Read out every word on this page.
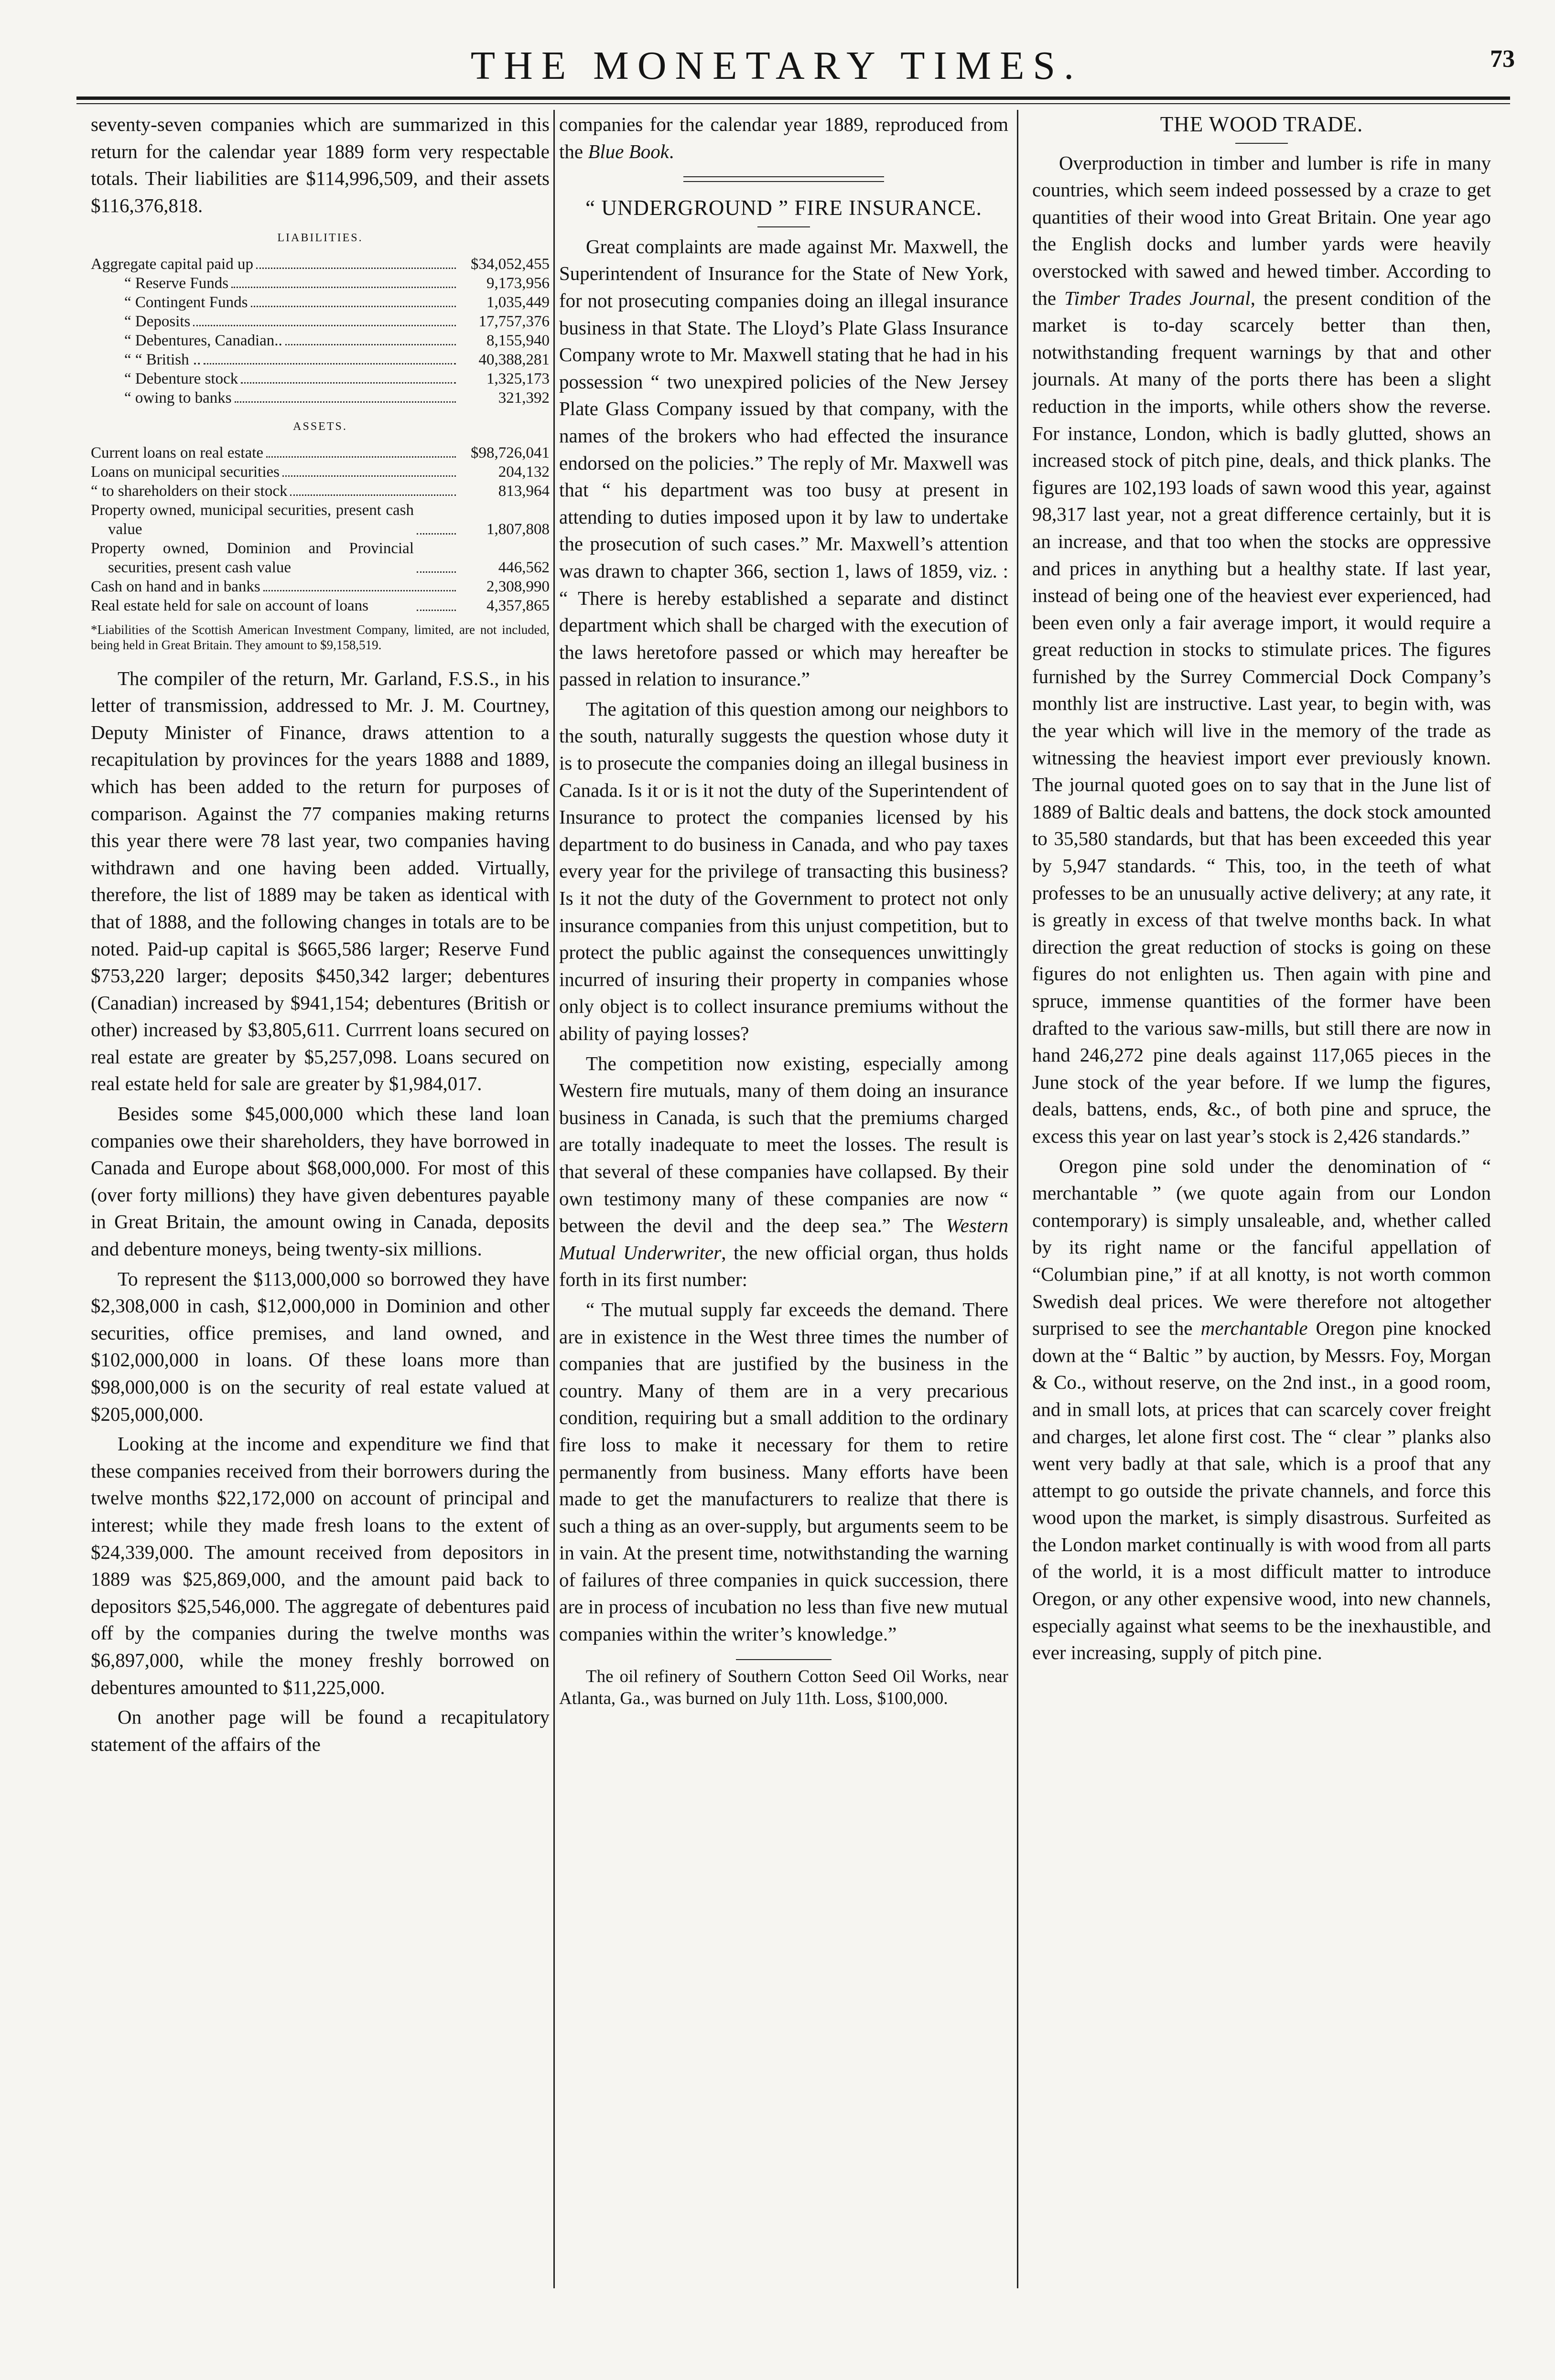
THE MONETARY TIMES.	73

seventy-seven companies which are summarized in this return for the calendar year 1889 form very respectable totals. Their liabilities are $114,996,509, and their assets $116,376,818.

LIABILITIES.
Aggregate capital paid up	$34,052,455
“ Reserve Funds	9,173,956
“ Contingent Funds	1,035,449
“ Deposits	17,757,376
“ Debentures, Canadian..	8,155,940
“ “ British ..	40,388,281
“ Debenture stock	1,325,173
“ owing to banks	321,392
ASSETS.
Current loans on real estate	$98,726,041
Loans on municipal securities	204,132
“ to shareholders on their stock	813,964
Property owned, municipal securities, present cash value	1,807,808
Property owned, Dominion and Provincial securities, present cash value	446,562
Cash on hand and in banks	2,308,990
Real estate held for sale on account of loans	4,357,865
*Liabilities of the Scottish American Investment Company, limited, are not included, being held in Great Britain. They amount to $9,158,519.

The compiler of the return, Mr. Garland, F.S.S., in his letter of transmission, addressed to Mr. J. M. Courtney, Deputy Minister of Finance, draws attention to a recapitulation by provinces for the years 1888 and 1889, which has been added to the return for purposes of comparison. Against the 77 companies making returns this year there were 78 last year, two companies having withdrawn and one having been added. Virtually, therefore, the list of 1889 may be taken as identical with that of 1888, and the following changes in totals are to be noted. Paid-up capital is $665,586 larger; Reserve Fund $753,220 larger; deposits $450,342 larger; debentures (Canadian) increased by $941,154; debentures (British or other) increased by $3,805,611. Currrent loans secured on real estate are greater by $5,257,098. Loans secured on real estate held for sale are greater by $1,984,017.

Besides some $45,000,000 which these land loan companies owe their shareholders, they have borrowed in Canada and Europe about $68,000,000. For most of this (over forty millions) they have given debentures payable in Great Britain, the amount owing in Canada, deposits and debenture moneys, being twenty-six millions.

To represent the $113,000,000 so borrowed they have $2,308,000 in cash, $12,000,000 in Dominion and other securities, office premises, and land owned, and $102,000,000 in loans. Of these loans more than $98,000,000 is on the security of real estate valued at $205,000,000.

Looking at the income and expenditure we find that these companies received from their borrowers during the twelve months $22,172,000 on account of principal and interest; while they made fresh loans to the extent of $24,339,000. The amount received from depositors in 1889 was $25,869,000, and the amount paid back to depositors $25,546,000. The aggregate of debentures paid off by the companies during the twelve months was $6,897,000, while the money freshly borrowed on debentures amounted to $11,225,000.

On another page will be found a recapitulatory statement of the affairs of the

companies for the calendar year 1889, reproduced from the Blue Book.

“ UNDERGROUND ” FIRE INSURANCE.

Great complaints are made against Mr. Maxwell, the Superintendent of Insurance for the State of New York, for not prosecuting companies doing an illegal insurance business in that State. The Lloyd’s Plate Glass Insurance Company wrote to Mr. Maxwell stating that he had in his possession “ two unexpired policies of the New Jersey Plate Glass Company issued by that company, with the names of the brokers who had effected the insurance endorsed on the policies.” The reply of Mr. Maxwell was that “ his department was too busy at present in attending to duties imposed upon it by law to undertake the prosecution of such cases.” Mr. Maxwell’s attention was drawn to chapter 366, section 1, laws of 1859, viz. : “ There is hereby established a separate and distinct department which shall be charged with the execution of the laws heretofore passed or which may hereafter be passed in relation to insurance.”

The agitation of this question among our neighbors to the south, naturally suggests the question whose duty it is to prosecute the companies doing an illegal business in Canada. Is it or is it not the duty of the Superintendent of Insurance to protect the companies licensed by his department to do business in Canada, and who pay taxes every year for the privilege of transacting this business? Is it not the duty of the Government to protect not only insurance companies from this unjust competition, but to protect the public against the consequences unwittingly incurred of insuring their property in companies whose only object is to collect insurance premiums without the ability of paying losses?

The competition now existing, especially among Western fire mutuals, many of them doing an insurance business in Canada, is such that the premiums charged are totally inadequate to meet the losses. The result is that several of these companies have collapsed. By their own testimony many of these companies are now “ between the devil and the deep sea.” The Western Mutual Underwriter, the new official organ, thus holds forth in its first number:

“ The mutual supply far exceeds the demand. There are in existence in the West three times the number of companies that are justified by the business in the country. Many of them are in a very precarious condition, requiring but a small addition to the ordinary fire loss to make it necessary for them to retire permanently from business. Many efforts have been made to get the manufacturers to realize that there is such a thing as an over-supply, but arguments seem to be in vain. At the present time, notwithstanding the warning of failures of three companies in quick succession, there are in process of incubation no less than five new mutual companies within the writer’s knowledge.”

The oil refinery of Southern Cotton Seed Oil Works, near Atlanta, Ga., was burned on July 11th. Loss, $100,000.
THE WOOD TRADE.

Overproduction in timber and lumber is rife in many countries, which seem indeed possessed by a craze to get quantities of their wood into Great Britain. One year ago the English docks and lumber yards were heavily overstocked with sawed and hewed timber. According to the Timber Trades Journal, the present condition of the market is to-day scarcely better than then, notwithstanding frequent warnings by that and other journals. At many of the ports there has been a slight reduction in the imports, while others show the reverse. For instance, London, which is badly glutted, shows an increased stock of pitch pine, deals, and thick planks. The figures are 102,193 loads of sawn wood this year, against 98,317 last year, not a great difference certainly, but it is an increase, and that too when the stocks are oppressive and prices in anything but a healthy state. If last year, instead of being one of the heaviest ever experienced, had been even only a fair average import, it would require a great reduction in stocks to stimulate prices. The figures furnished by the Surrey Commercial Dock Company’s monthly list are instructive. Last year, to begin with, was the year which will live in the memory of the trade as witnessing the heaviest import ever previously known. The journal quoted goes on to say that in the June list of 1889 of Baltic deals and battens, the dock stock amounted to 35,580 standards, but that has been exceeded this year by 5,947 standards. “ This, too, in the teeth of what professes to be an unusually active delivery; at any rate, it is greatly in excess of that twelve months back. In what direction the great reduction of stocks is going on these figures do not enlighten us. Then again with pine and spruce, immense quantities of the former have been drafted to the various saw-mills, but still there are now in hand 246,272 pine deals against 117,065 pieces in the June stock of the year before. If we lump the figures, deals, battens, ends, &c., of both pine and spruce, the excess this year on last year’s stock is 2,426 standards.”

Oregon pine sold under the denomination of “ merchantable ” (we quote again from our London contemporary) is simply unsaleable, and, whether called by its right name or the fanciful appellation of “Columbian pine,” if at all knotty, is not worth common Swedish deal prices. We were therefore not altogether surprised to see the merchantable Oregon pine knocked down at the “ Baltic ” by auction, by Messrs. Foy, Morgan & Co., without reserve, on the 2nd inst., in a good room, and in small lots, at prices that can scarcely cover freight and charges, let alone first cost. The “ clear ” planks also went very badly at that sale, which is a proof that any attempt to go outside the private channels, and force this wood upon the market, is simply disastrous. Surfeited as the London market continually is with wood from all parts of the world, it is a most difficult matter to introduce Oregon, or any other expensive wood, into new channels, especially against what seems to be the inexhaustible, and ever increasing, supply of pitch pine.
